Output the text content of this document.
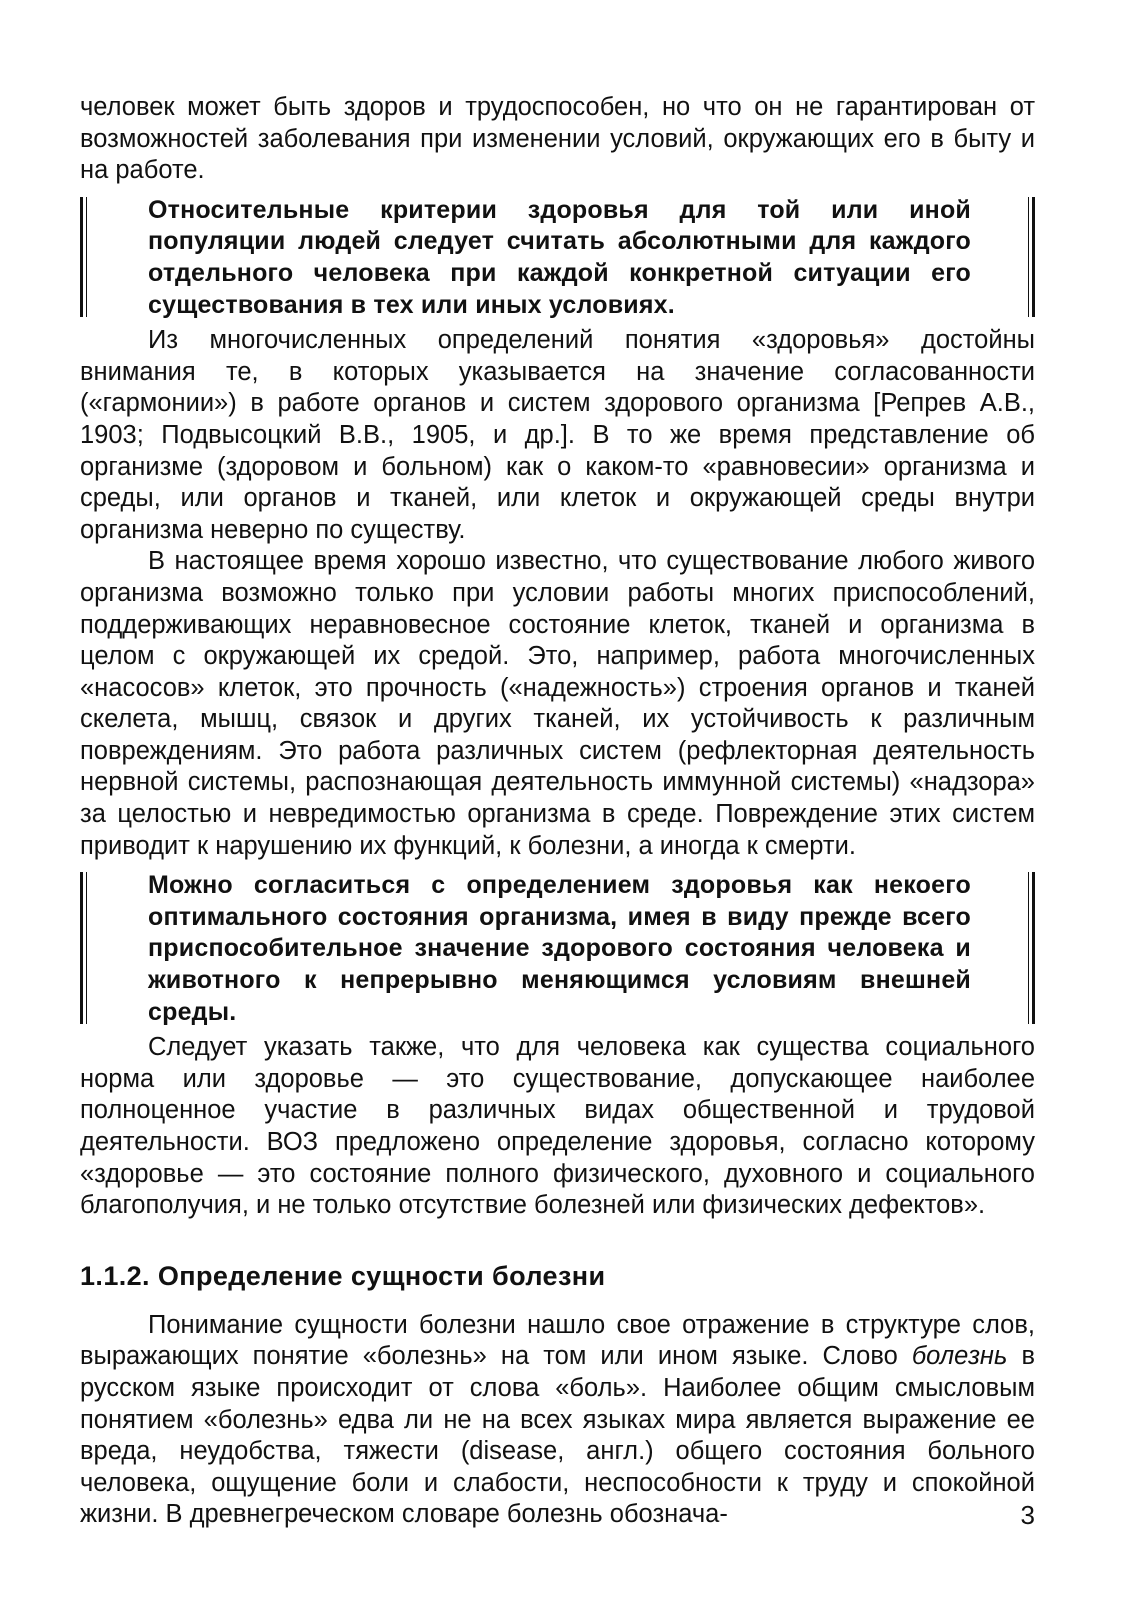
человек может быть здоров и трудоспособен, но что он не гарантирован от возможностей заболевания при изменении условий, окружающих его в быту и на работе.

Относительные критерии здоровья для той или иной популяции людей следует считать абсолютными для каждого отдельного человека при каждой конкретной ситуации его существования в тех или иных условиях.

Из многочисленных определений понятия «здоровья» достойны внимания те, в которых указывается на значение согласованности («гармонии») в работе органов и систем здорового организма [Репрев А.В., 1903; Подвысоцкий В.В., 1905, и др.]. В то же время представление об организме (здоровом и больном) как о каком-то «равновесии» организма и среды, или органов и тканей, или клеток и окружающей среды внутри организма неверно по существу.

В настоящее время хорошо известно, что существование любого живого организма возможно только при условии работы многих приспособлений, поддерживающих неравновесное состояние клеток, тканей и организма в целом с окружающей их средой. Это, например, работа многочисленных «насосов» клеток, это прочность («надежность») строения органов и тканей скелета, мышц, связок и других тканей, их устойчивость к различным повреждениям. Это работа различных систем (рефлекторная деятельность нервной системы, распознающая деятельность иммунной системы) «надзора» за целостью и невредимостью организма в среде. Повреждение этих систем приводит к нарушению их функций, к болезни, а иногда к смерти.

Можно согласиться с определением здоровья как некоего оптимального состояния организма, имея в виду прежде всего приспособительное значение здорового состояния человека и животного к непрерывно меняющимся условиям внешней среды.

Следует указать также, что для человека как существа социального норма или здоровье — это существование, допускающее наиболее полноценное участие в различных видах общественной и трудовой деятельности. ВОЗ предложено определение здоровья, согласно которому «здоровье — это состояние полного физического, духовного и социального благополучия, и не только отсутствие болезней или физических дефектов».

1.1.2. Определение сущности болезни

Понимание сущности болезни нашло свое отражение в структуре слов, выражающих понятие «болезнь» на том или ином языке. Слово болезнь в русском языке происходит от слова «боль». Наиболее общим смысловым понятием «болезнь» едва ли не на всех языках мира является выражение ее вреда, неудобства, тяжести (disease, англ.) общего состояния больного человека, ощущение боли и слабости, неспособности к труду и спокойной жизни. В древнегреческом словаре болезнь обознача-	3
